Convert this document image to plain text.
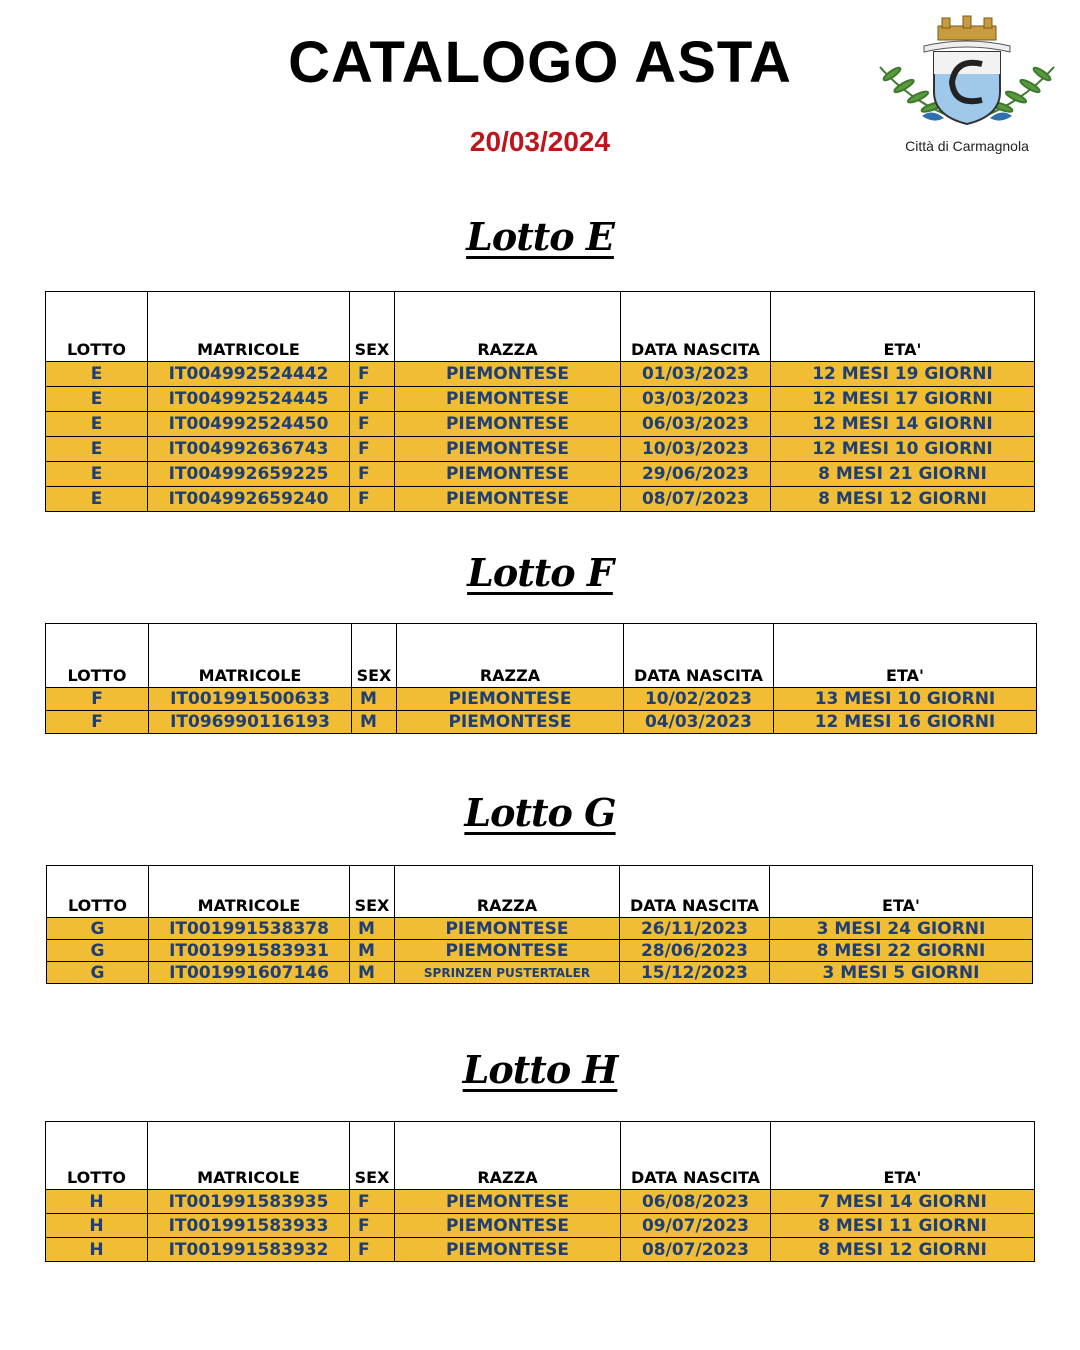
CATALOGO ASTA
20/03/2024	Città di Carmagnola
Lotto E
LOTTO	MATRICOLE	SEX	RAZZA	DATA NASCITA	ETA'
E	IT004992524442	F	PIEMONTESE	01/03/2023	12 MESI 19 GIORNI
E	IT004992524445	F	PIEMONTESE	03/03/2023	12 MESI 17 GIORNI
E	IT004992524450	F	PIEMONTESE	06/03/2023	12 MESI 14 GIORNI
E	IT004992636743	F	PIEMONTESE	10/03/2023	12 MESI 10 GIORNI
E	IT004992659225	F	PIEMONTESE	29/06/2023	8 MESI 21 GIORNI
E	IT004992659240	F	PIEMONTESE	08/07/2023	8 MESI 12 GIORNI
Lotto F
LOTTO	MATRICOLE	SEX	RAZZA	DATA NASCITA	ETA'
F	IT001991500633	M	PIEMONTESE	10/02/2023	13 MESI 10 GIORNI
F	IT096990116193	M	PIEMONTESE	04/03/2023	12 MESI 16 GIORNI
Lotto G
LOTTO	MATRICOLE	SEX	RAZZA	DATA NASCITA	ETA'
G	IT001991538378	M	PIEMONTESE	26/11/2023	3 MESI 24 GIORNI
G	IT001991583931	M	PIEMONTESE	28/06/2023	8 MESI 22 GIORNI
G	IT001991607146	M	SPRINZEN PUSTERTALER	15/12/2023	3 MESI 5 GIORNI
Lotto H
LOTTO	MATRICOLE	SEX	RAZZA	DATA NASCITA	ETA'
H	IT001991583935	F	PIEMONTESE	06/08/2023	7 MESI 14 GIORNI
H	IT001991583933	F	PIEMONTESE	09/07/2023	8 MESI 11 GIORNI
H	IT001991583932	F	PIEMONTESE	08/07/2023	8 MESI 12 GIORNI
